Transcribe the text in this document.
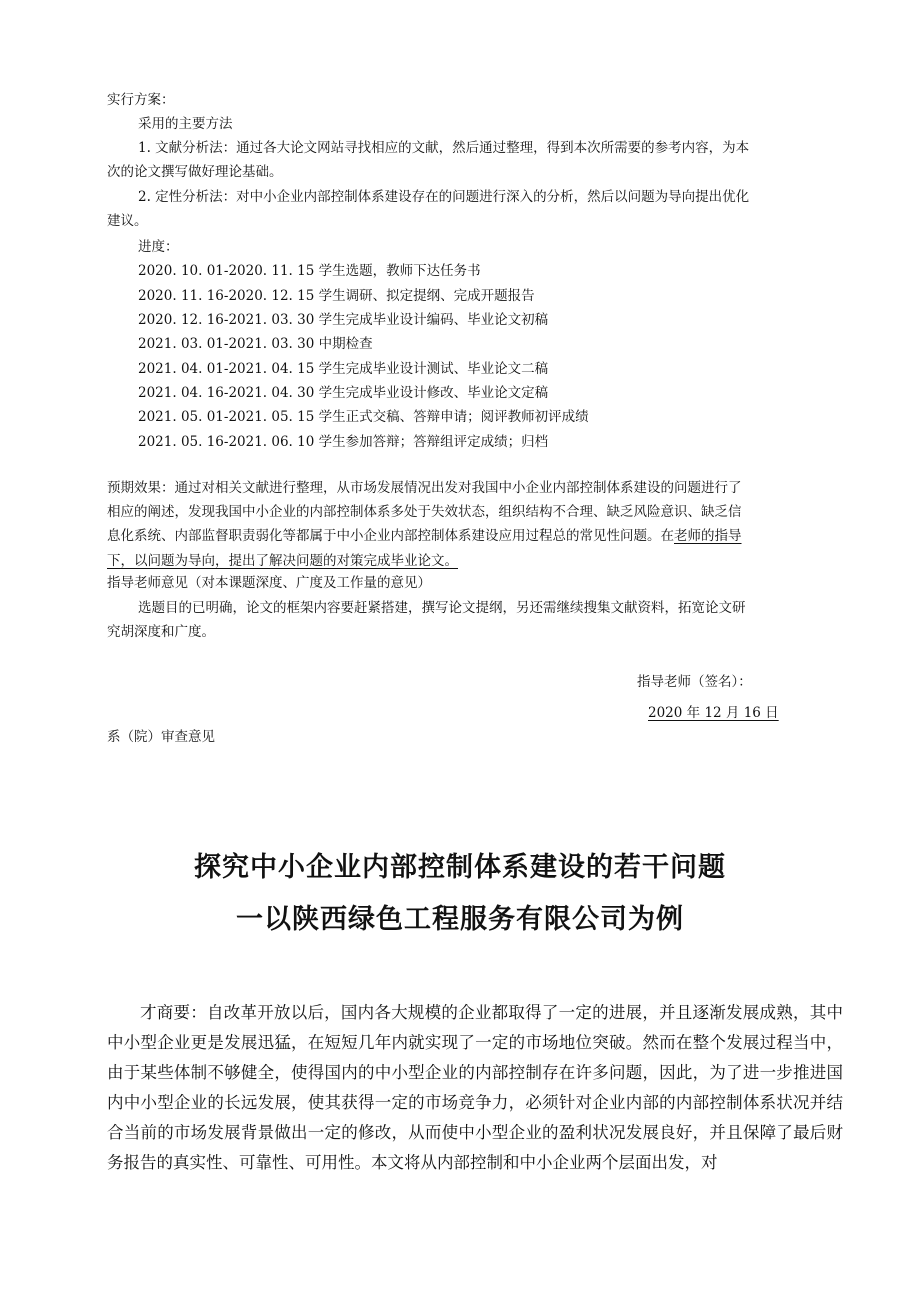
实行方案：
采用的主要方法
1. 文献分析法：通过各大论文网站寻找相应的文献，然后通过整理，得到本次所需要的参考内容，为本
次的论文撰写做好理论基础。
2. 定性分析法：对中小企业内部控制体系建设存在的问题进行深入的分析，然后以问题为导向提出优化
建议。
进度：
2020. 10. 01-2020. 11. 15 学生选题，教师下达任务书
2020. 11. 16-2020. 12. 15 学生调研、拟定提纲、完成开题报告
2020. 12. 16-2021. 03. 30 学生完成毕业设计编码、毕业论文初稿
2021. 03. 01-2021. 03. 30 中期检查
2021. 04. 01-2021. 04. 15 学生完成毕业设计测试、毕业论文二稿
2021. 04. 16-2021. 04. 30 学生完成毕业设计修改、毕业论文定稿
2021. 05. 01-2021. 05. 15 学生正式交稿、答辩申请；阅评教师初评成绩
2021. 05. 16-2021. 06. 10 学生参加答辩；答辩组评定成绩；归档
预期效果：通过对相关文献进行整理，从市场发展情况出发对我国中小企业内部控制体系建设的问题进行了
相应的阐述，发现我国中小企业的内部控制体系多处于失效状态，组织结构不合理、缺乏风险意识、缺乏信
息化系统、内部监督职责弱化等都属于中小企业内部控制体系建设应用过程总的常见性问题。在老师的指导
下，以问题为导向，提出了解决问题的对策完成毕业论文。
指导老师意见（对本课题深度、广度及工作量的意见）
选题目的已明确，论文的框架内容要赶紧搭建，撰写论文提纲，另还需继续搜集文献资料，拓宽论文研
究胡深度和广度。
指导老师（签名）：
2020 年 12 月 16 日
系（院）审查意见
探究中小企业内部控制体系建设的若干问题
一以陕西绿色工程服务有限公司为例
才商要：自改革开放以后，国内各大规模的企业都取得了一定的进展，并且逐渐发展成熟，其中中小型企业更是发展迅猛，在短短几年内就实现了一定的市场地位突破。然而在整个发展过程当中，由于某些体制不够健全，使得国内的中小型企业的内部控制存在许多问题，因此，为了进一步推进国内中小型企业的长远发展，使其获得一定的市场竞争力，必须针对企业内部的内部控制体系状况并结合当前的市场发展背景做出一定的修改，从而使中小型企业的盈利状况发展良好，并且保障了最后财务报告的真实性、可靠性、可用性。本文将从内部控制和中小企业两个层面出发，对
